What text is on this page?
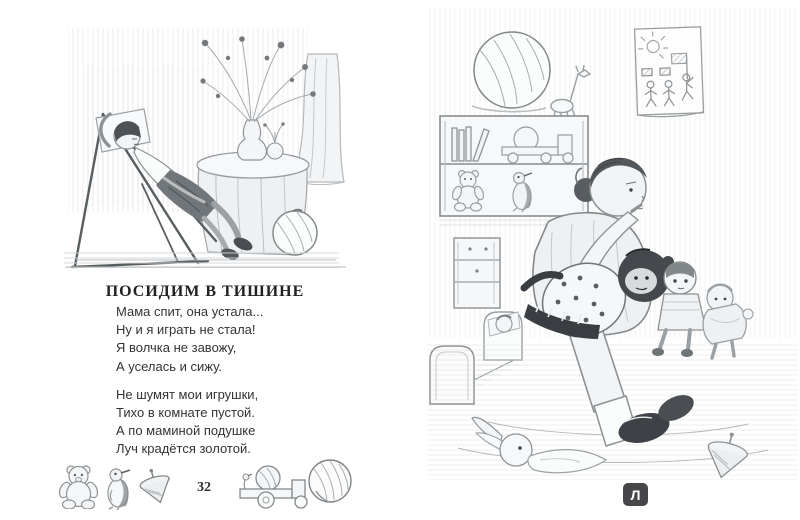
ПОСИДИМ В ТИШИНЕ
Мама спит, она устала...
Ну и я играть не стала!
Я волчка не завожу,
А уселась и сижу.
Не шумят мои игрушки,
Тихо в комнате пустой.
А по маминой подушке
Луч крадётся золотой.
32	Л
